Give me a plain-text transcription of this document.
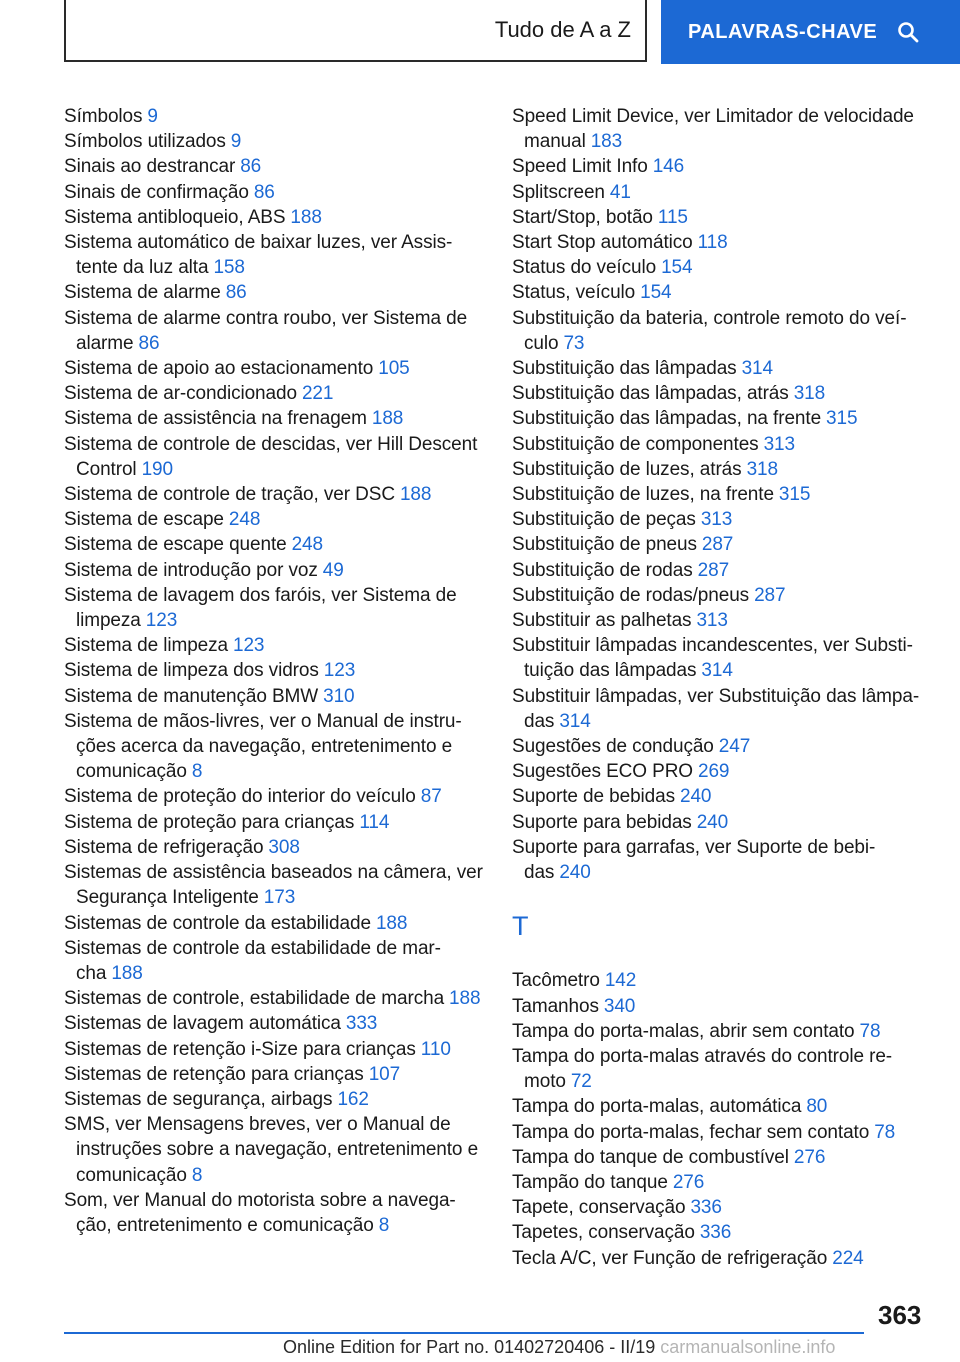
Tudo de A a Z	PALAVRAS-CHAVE
Símbolos 9
Símbolos utilizados 9
Sinais ao destrancar 86
Sinais de confirmação 86
Sistema antibloqueio, ABS 188
Sistema automático de baixar luzes, ver Assistente da luz alta 158
Sistema de alarme 86
Sistema de alarme contra roubo, ver Sistema de alarme 86
Sistema de apoio ao estacionamento 105
Sistema de ar-condicionado 221
Sistema de assistência na frenagem 188
Sistema de controle de descidas, ver Hill Descent Control 190
Sistema de controle de tração, ver DSC 188
Sistema de escape 248
Sistema de escape quente 248
Sistema de introdução por voz 49
Sistema de lavagem dos faróis, ver Sistema de limpeza 123
Sistema de limpeza 123
Sistema de limpeza dos vidros 123
Sistema de manutenção BMW 310
Sistema de mãos-livres, ver o Manual de instruções acerca da navegação, entretenimento e comunicação 8
Sistema de proteção do interior do veículo 87
Sistema de proteção para crianças 114
Sistema de refrigeração 308
Sistemas de assistência baseados na câmera, ver Segurança Inteligente 173
Sistemas de controle da estabilidade 188
Sistemas de controle da estabilidade de marcha 188
Sistemas de controle, estabilidade de marcha 188
Sistemas de lavagem automática 333
Sistemas de retenção i-Size para crianças 110
Sistemas de retenção para crianças 107
Sistemas de segurança, airbags 162
SMS, ver Mensagens breves, ver o Manual de instruções sobre a navegação, entretenimento e comunicação 8
Som, ver Manual do motorista sobre a navegação, entretenimento e comunicação 8
Speed Limit Device, ver Limitador de velocidade manual 183
Speed Limit Info 146
Splitscreen 41
Start/Stop, botão 115
Start Stop automático 118
Status do veículo 154
Status, veículo 154
Substituição da bateria, controle remoto do veículo 73
Substituição das lâmpadas 314
Substituição das lâmpadas, atrás 318
Substituição das lâmpadas, na frente 315
Substituição de componentes 313
Substituição de luzes, atrás 318
Substituição de luzes, na frente 315
Substituição de peças 313
Substituição de pneus 287
Substituição de rodas 287
Substituição de rodas/pneus 287
Substituir as palhetas 313
Substituir lâmpadas incandescentes, ver Substituição das lâmpadas 314
Substituir lâmpadas, ver Substituição das lâmpadas 314
Sugestões de condução 247
Sugestões ECO PRO 269
Suporte de bebidas 240
Suporte para bebidas 240
Suporte para garrafas, ver Suporte de bebidas 240
T
Tacômetro 142
Tamanhos 340
Tampa do porta-malas, abrir sem contato 78
Tampa do porta-malas através do controle remoto 72
Tampa do porta-malas, automática 80
Tampa do porta-malas, fechar sem contato 78
Tampa do tanque de combustível 276
Tampão do tanque 276
Tapete, conservação 336
Tapetes, conservação 336
Tecla A/C, ver Função de refrigeração 224
363
Online Edition for Part no. 01402720406 - II/19 carmanualsonline.info
